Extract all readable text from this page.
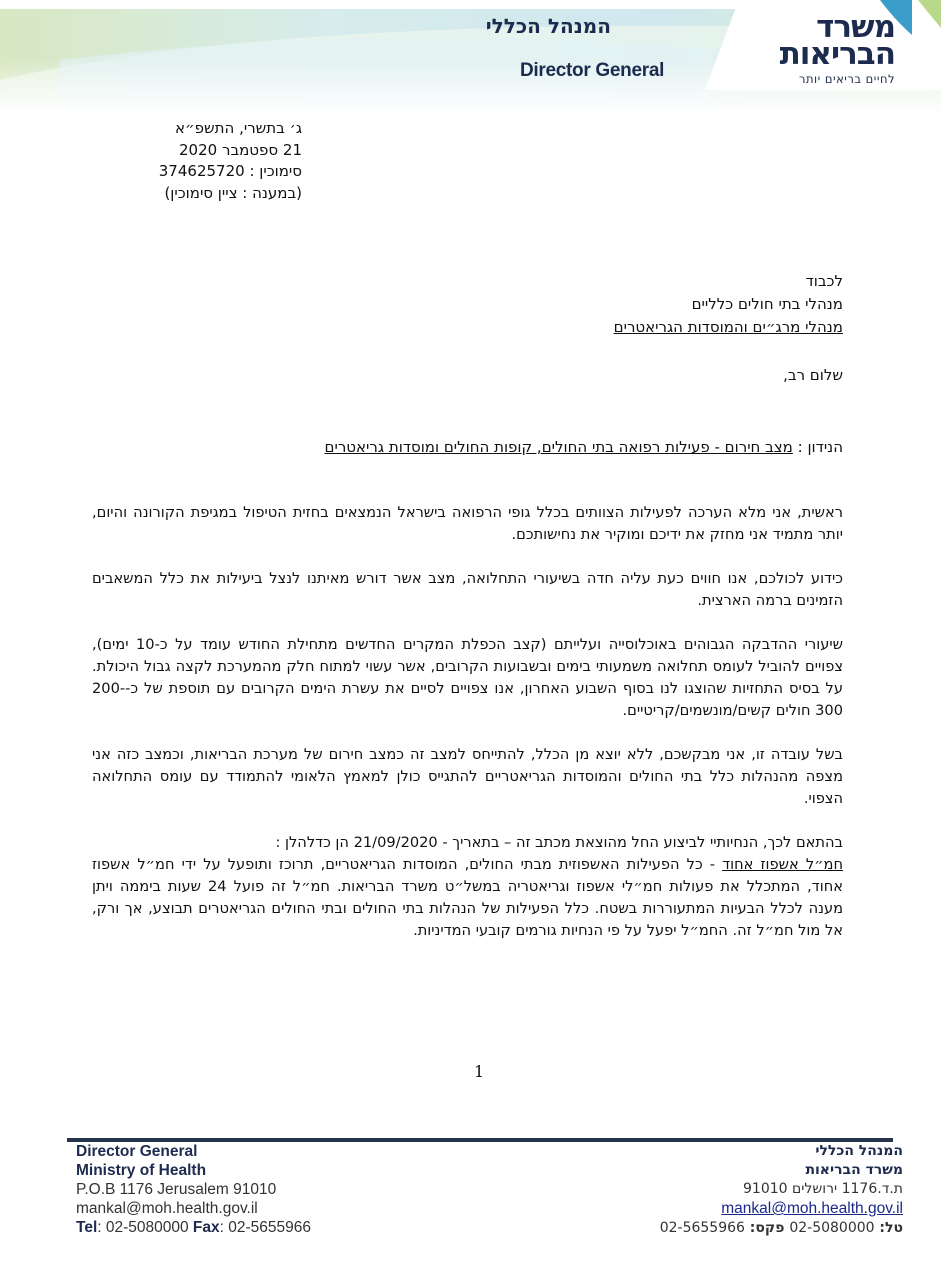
המנהל הכללי
Director General
משרד
הבריאות
לחיים בריאים יותר
ג׳ בתשרי, התשפ״א
21 ספטמבר 2020
סימוכין : 374625720
(במענה : ציין סימוכין)
לכבוד
מנהלי בתי חולים כלליים
מנהלי מרג״ים והמוסדות הגריאטרים
שלום רב,
הנידון : מצב חירום - פעילות רפואה בתי החולים, קופות החולים ומוסדות גריאטרים

ראשית, אני מלא הערכה לפעילות הצוותים בכלל גופי הרפואה בישראל הנמצאים בחזית הטיפול במגיפת הקורונה והיום, יותר מתמיד אני מחזק את ידיכם ומוקיר את נחישותכם.

כידוע לכולכם, אנו חווים כעת עליה חדה בשיעורי התחלואה, מצב אשר דורש מאיתנו לנצל ביעילות את כלל המשאבים הזמינים ברמה הארצית.

שיעורי ההדבקה הגבוהים באוכלוסייה ועלייתם (קצב הכפלת המקרים החדשים מתחילת החודש עומד על כ-10 ימים), צפויים להוביל לעומס תחלואה משמעותי בימים ובשבועות הקרובים, אשר עשוי למתוח חלק מהמערכת לקצה גבול היכולת. על בסיס התחזיות שהוצגו לנו בסוף השבוע האחרון, אנו צפויים לסיים את עשרת הימים הקרובים עם תוספת של כ-200-300 חולים קשים/מונשמים/קריטיים.

בשל עובדה זו, אני מבקשכם, ללא יוצא מן הכלל, להתייחס למצב זה כמצב חירום של מערכת הבריאות, וכמצב כזה אני מצפה מהנהלות כלל בתי החולים והמוסדות הגריאטריים להתגייס כולן למאמץ הלאומי להתמודד עם עומס התחלואה הצפוי.

בהתאם לכך, הנחיותיי לביצוע החל מהוצאת מכתב זה – בתאריך - 21/09/2020 הן כדלהלן :
חמ״ל אשפוז אחוד - כל הפעילות האשפוזית מבתי החולים, המוסדות הגריאטריים, תרוכז ותופעל על ידי חמ״ל אשפוז אחוד, המתכלל את פעולות חמ״לי אשפוז וגריאטריה במשל״ט משרד הבריאות. חמ״ל זה פועל 24 שעות ביממה ויתן מענה לכלל הבעיות המתעוררות בשטח. כלל הפעילות של הנהלות בתי החולים ובתי החולים הגריאטרים תבוצע, אך ורק, אל מול חמ״ל זה. החמ״ל יפעל על פי הנחיות גורמים קובעי המדיניות.

1
Director General
Ministry of Health
P.O.B 1176 Jerusalem 91010
mankal@moh.health.gov.il
Tel: 02-5080000 Fax: 02-5655966
המנהל הכללי
משרד הבריאות
ת.ד.1176 ירושלים 91010
mankal@moh.health.gov.il
טל: 02-5080000 פקס: 02-5655966
